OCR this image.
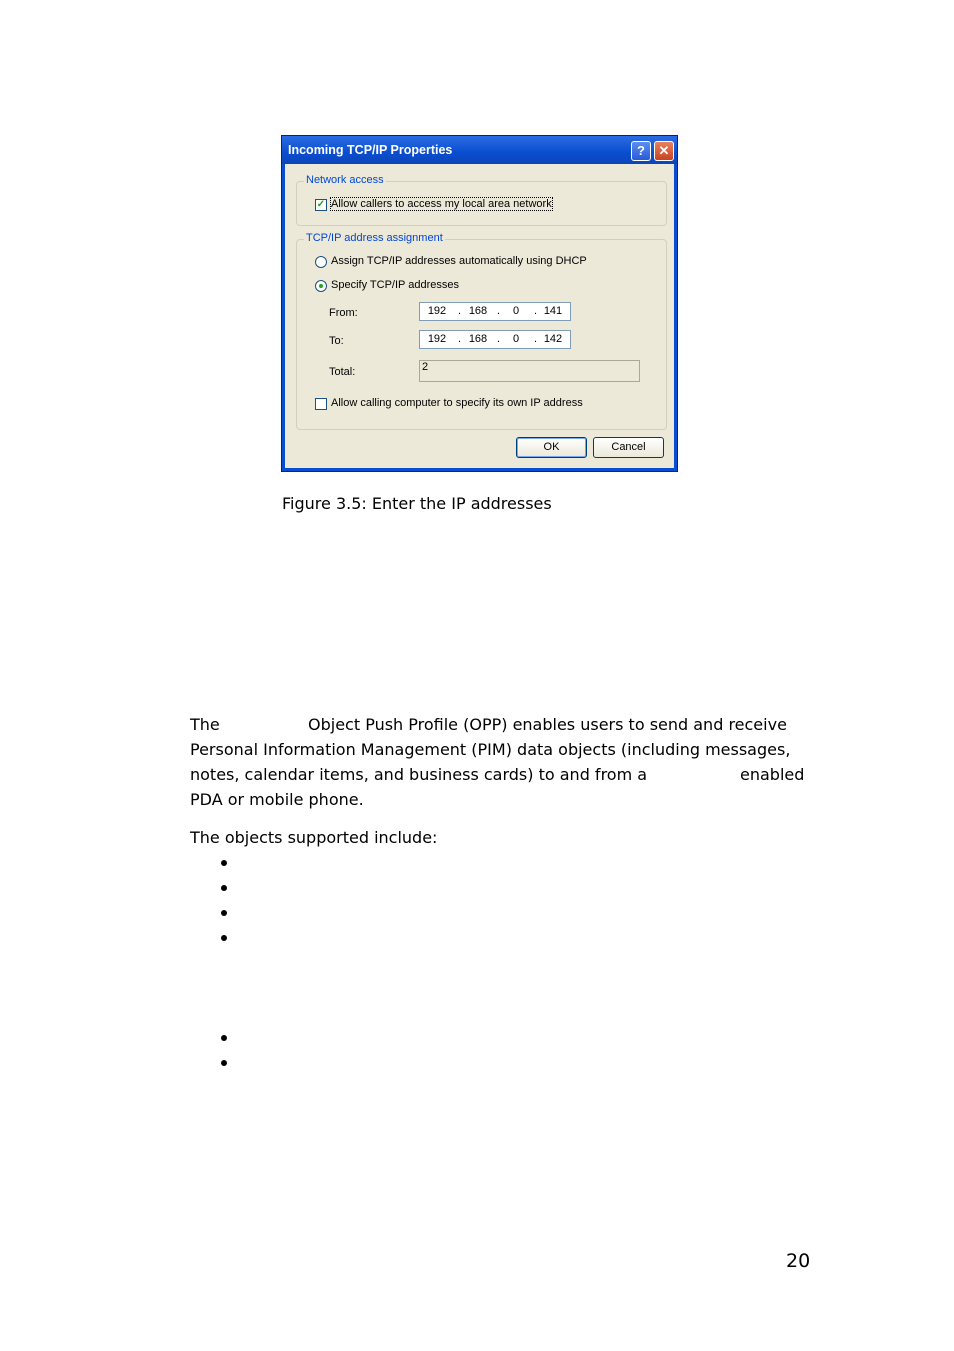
Incoming TCP/IP Properties	?	✕
Network access
✓ Allow callers to access my local area network
TCP/IP address assignment
Assign TCP/IP addresses automatically using DHCP
Specify TCP/IP addresses
From:	192	. 168 .	0	. 141
To:	192	. 168 .	0	. 142
Total:	2
Allow calling computer to specify its own IP address
OK	Cancel
Figure 3.5: Enter the IP addresses
The	Object Push Profile (OPP) enables users to send and receive
Personal Information Management (PIM) data objects (including messages,
notes, calendar items, and business cards) to and from a	enabled
PDA or mobile phone.
The objects supported include:
20
